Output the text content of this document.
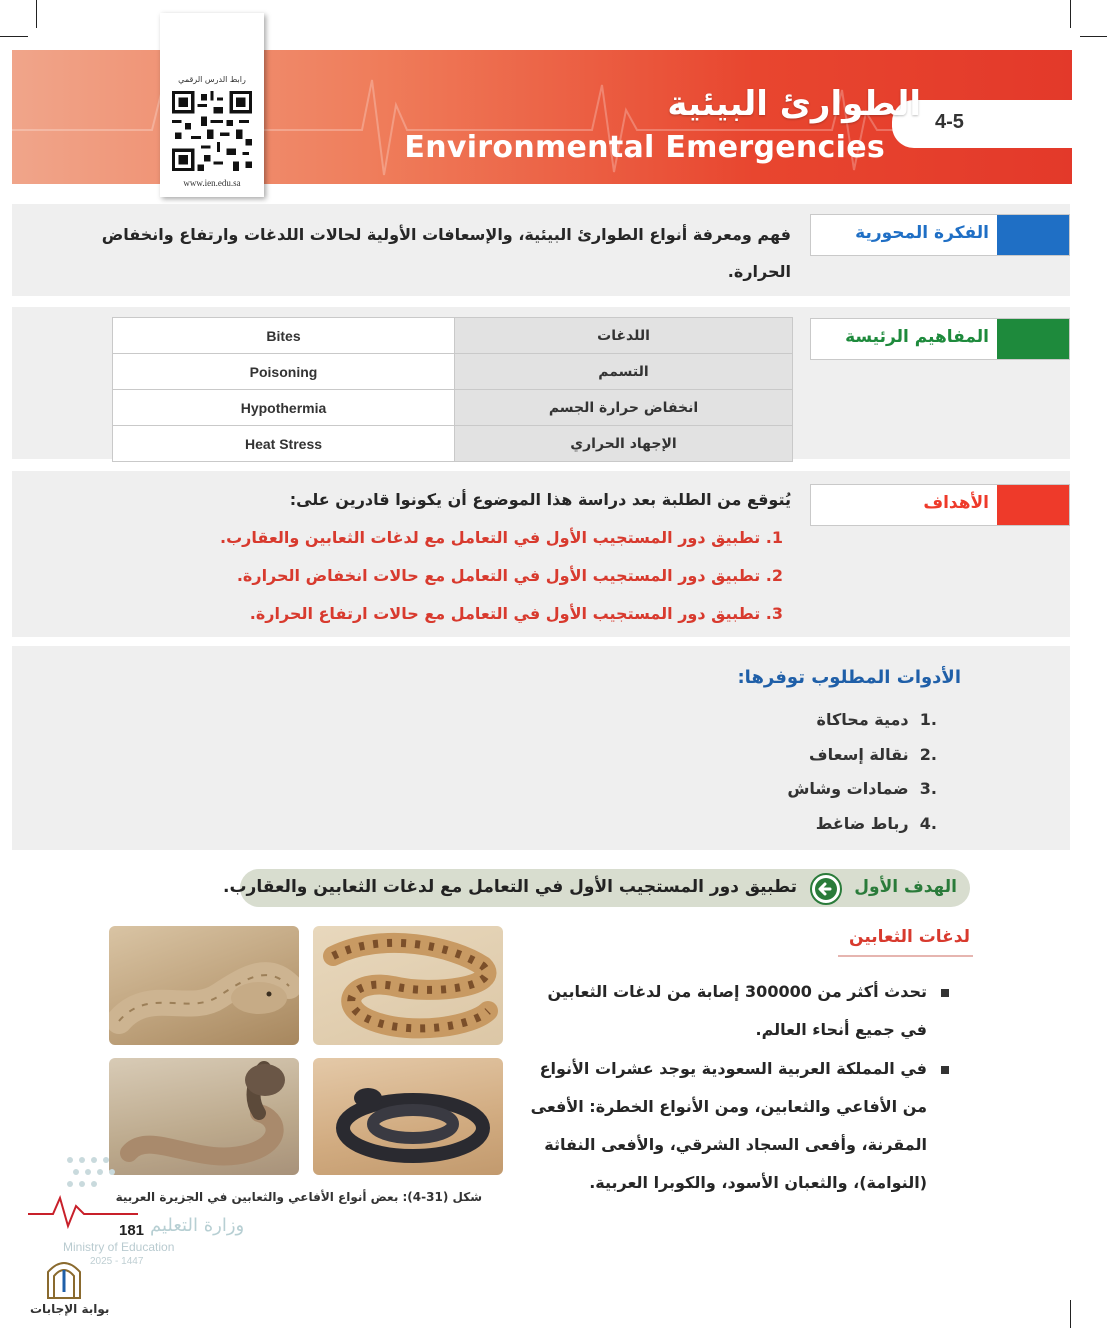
4-5
الطوارئ البيئية
Environmental Emergencies
رابط الدرس الرقمي
www.ien.edu.sa
الفكرة المحورية
فهم ومعرفة أنواع الطوارئ البيئية، والإسعافات الأولية لحالات اللدغات وارتفاع وانخفاض
الحرارة.
المفاهيم الرئيسة
Bites	اللدغات
Poisoning	التسمم
Hypothermia	انخفاض حرارة الجسم
Heat Stress	الإجهاد الحراري
الأهداف
يُتوقع من الطلبة بعد دراسة هذا الموضوع أن يكونوا قادرين على:
1. تطبيق دور المستجيب الأول في التعامل مع لدغات الثعابين والعقارب.
2. تطبيق دور المستجيب الأول في التعامل مع حالات انخفاض الحرارة.
3. تطبيق دور المستجيب الأول في التعامل مع حالات ارتفاع الحرارة.
الأدوات المطلوب توفرها:
.1  دمية محاكاة
.2  نقالة إسعاف
.3  ضمادات وشاش
.4  رباط ضاغط
الهدف الأول
تطبيق دور المستجيب الأول في التعامل مع لدغات الثعابين والعقارب.
لدغات الثعابين
تحدث أكثر من 300000 إصابة من لدغات الثعابين
في جميع أنحاء العالم.
في المملكة العربية السعودية يوجد عشرات الأنواع
من الأفاعي والثعابين، ومن الأنواع الخطرة: الأفعى
المقرنة، وأفعى السجاد الشرقي، والأفعى النفاثة
(النوامة)، والثعبان الأسود، والكوبرا العربية.
شكل (31-4): بعض أنواع الأفاعي والثعابين في الجزيرة العربية
وزارة التعليم
181
Ministry of Education
2025 - 1447
بوابة الإجابات
